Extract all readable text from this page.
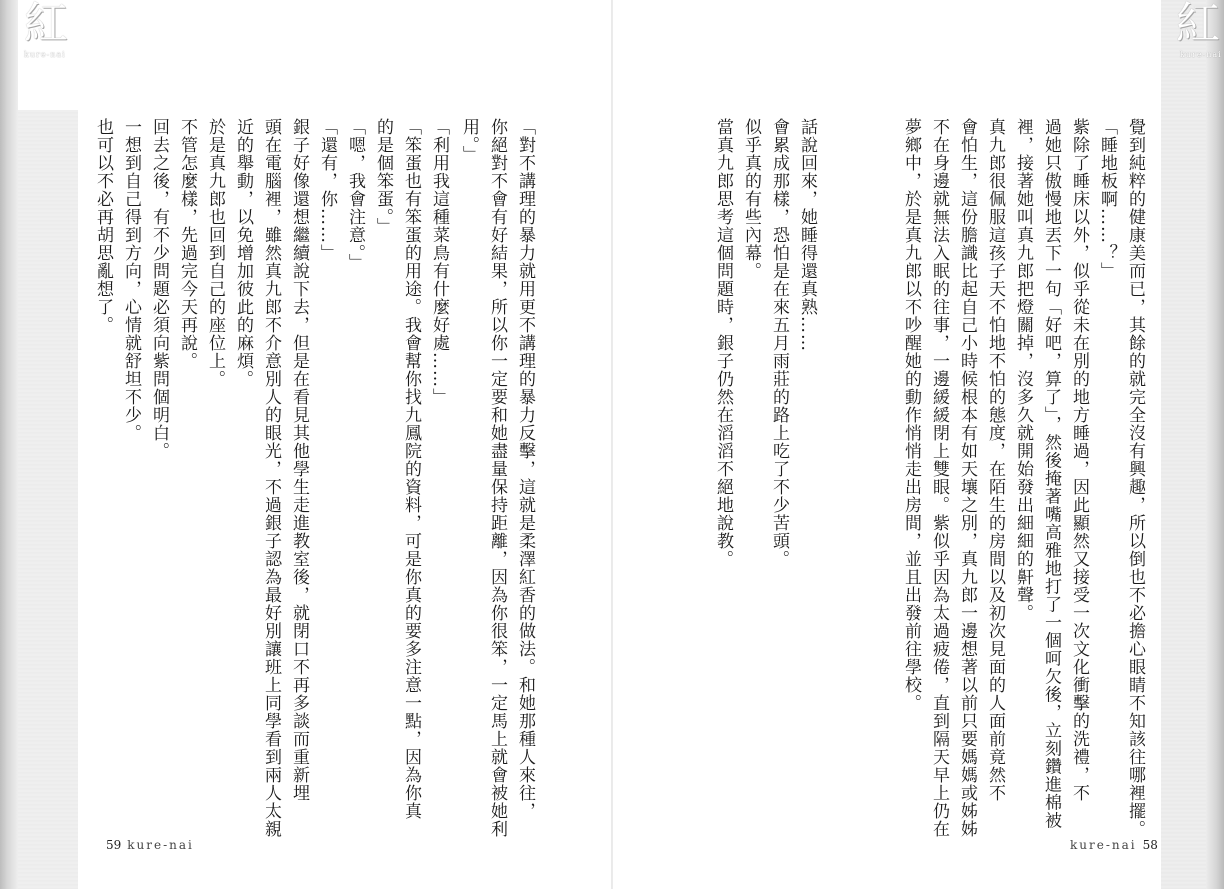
紅
kure-nai
紅
kure-nai
覺到純粹的健康美而已，其餘的就完全沒有興趣，所以倒也不必擔心眼睛不知該往哪裡擺。
「睡地板啊……？」
紫除了睡床以外，似乎從未在別的地方睡過，因此顯然又接受一次文化衝擊的洗禮，不
過她只傲慢地丟下一句「好吧，算了」，然後掩著嘴高雅地打了一個呵欠後，立刻鑽進棉被
裡，接著她叫真九郎把燈關掉，沒多久就開始發出細細的鼾聲。
真九郎很佩服這孩子天不怕地不怕的態度，在陌生的房間以及初次見面的人面前竟然不
會怕生，這份膽識比起自己小時候根本有如天壤之別，真九郎一邊想著以前只要媽媽或姊姊
不在身邊就無法入眠的往事，一邊緩緩閉上雙眼。紫似乎因為太過疲倦，直到隔天早上仍在
夢鄉中，於是真九郎以不吵醒她的動作悄悄走出房間，並且出發前往學校。
當真九郎思考這個問題時，銀子仍然在滔滔不絕地說教。 似乎真的有些內幕。 會累成那樣，恐怕是在來五月雨莊的路上吃了不少苦頭。 話說回來，她睡得還真熟……
「對不講理的暴力就用更不講理的暴力反擊，這就是柔澤紅香的做法。和她那種人來往，
你絕對不會有好結果，所以你一定要和她盡量保持距離，因為你很笨，一定馬上就會被她利
用。」
「利用我這種菜鳥有什麼好處……」
「笨蛋也有笨蛋的用途。我會幫你找九鳳院的資料，可是你真的要多注意一點，因為你真
的是個笨蛋。」
「嗯，我會注意。」
「還有，你……」
銀子好像還想繼續說下去，但是在看見其他學生走進教室後，就閉口不再多談而重新埋
頭在電腦裡，雖然真九郎不介意別人的眼光，不過銀子認為最好別讓班上同學看到兩人太親
近的舉動，以免增加彼此的麻煩。
於是真九郎也回到自己的座位上。
不管怎麼樣，先過完今天再說。
回去之後，有不少問題必須向紫問個明白。
一想到自己得到方向，心情就舒坦不少。
也可以不必再胡思亂想了。
59 kure-nai	kure-nai 58
